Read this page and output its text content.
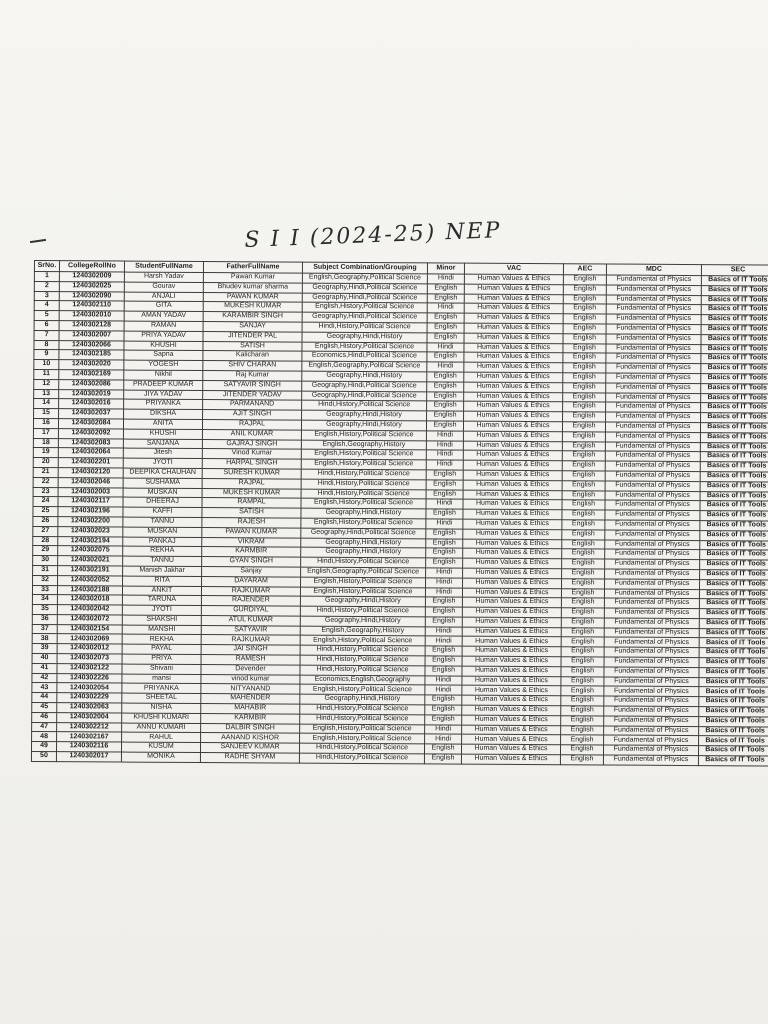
S I I (2024-25) NEP
SrNo.	CollegeRollNo	StudentFullName	FatherFullName	Subject Combination/Grouping	Minor	VAC	AEC	MDC	SEC
1	1240302009	Harsh Yadav	Pawan Kumar	English,Geography,Political Science	Hindi	Human Values & Ethics	English	Fundamental of Physics	Basics of IT Tools
2	1240302025	Gourav	Bhudev kumar sharma	Geography,Hindi,Political Science	English	Human Values & Ethics	English	Fundamental of Physics	Basics of IT Tools
3	1240302090	ANJALI	PAWAN KUMAR	Geography,Hindi,Political Science	English	Human Values & Ethics	English	Fundamental of Physics	Basics of IT Tools
4	1240302110	GITA	MUKESH KUMAR	English,History,Political Science	Hindi	Human Values & Ethics	English	Fundamental of Physics	Basics of IT Tools
5	1240302010	AMAN YADAV	KARAMBIR SINGH	Geography,Hindi,Political Science	English	Human Values & Ethics	English	Fundamental of Physics	Basics of IT Tools
6	1240302128	RAMAN	SANJAY	Hindi,History,Political Science	English	Human Values & Ethics	English	Fundamental of Physics	Basics of IT Tools
7	1240302007	PRIYA YADAV	JITENDER PAL	Geography,Hindi,History	English	Human Values & Ethics	English	Fundamental of Physics	Basics of IT Tools
8	1240302066	KHUSHI	SATISH	English,History,Political Science	Hindi	Human Values & Ethics	English	Fundamental of Physics	Basics of IT Tools
9	1240302185	Sapna	Kalicharan	Economics,Hindi,Political Science	English	Human Values & Ethics	English	Fundamental of Physics	Basics of IT Tools
10	1240302020	YOGESH	SHIV CHARAN	English,Geography,Political Science	Hindi	Human Values & Ethics	English	Fundamental of Physics	Basics of IT Tools
11	1240302169	Nikhil	Raj Kumar	Geography,Hindi,History	English	Human Values & Ethics	English	Fundamental of Physics	Basics of IT Tools
12	1240302086	PRADEEP KUMAR	SATYAVIR SINGH	Geography,Hindi,Political Science	English	Human Values & Ethics	English	Fundamental of Physics	Basics of IT Tools
13	1240302019	JIYA YADAV	JITENDER YADAV	Geography,Hindi,Political Science	English	Human Values & Ethics	English	Fundamental of Physics	Basics of IT Tools
14	1240302016	PRIYANKA	PARMANAND	Hindi,History,Political Science	English	Human Values & Ethics	English	Fundamental of Physics	Basics of IT Tools
15	1240302037	DIKSHA	AJIT SINGH	Geography,Hindi,History	English	Human Values & Ethics	English	Fundamental of Physics	Basics of IT Tools
16	1240302084	ANITA	RAJPAL	Geography,Hindi,History	English	Human Values & Ethics	English	Fundamental of Physics	Basics of IT Tools
17	1240302092	KHUSHI	ANIL KUMAR	English,History,Political Science	Hindi	Human Values & Ethics	English	Fundamental of Physics	Basics of IT Tools
18	1240302083	SANJANA	GAJRAJ SINGH	English,Geography,History	Hindi	Human Values & Ethics	English	Fundamental of Physics	Basics of IT Tools
19	1240302064	Jitesh	Vinod Kumar	English,History,Political Science	Hindi	Human Values & Ethics	English	Fundamental of Physics	Basics of IT Tools
20	1240302201	JYOTI	HARPAL SINGH	English,History,Political Science	Hindi	Human Values & Ethics	English	Fundamental of Physics	Basics of IT Tools
21	1240302120	DEEPIKA CHAUHAN	SURESH KUMAR	Hindi,History,Political Science	English	Human Values & Ethics	English	Fundamental of Physics	Basics of IT Tools
22	1240302046	SUSHAMA	RAJPAL	Hindi,History,Political Science	English	Human Values & Ethics	English	Fundamental of Physics	Basics of IT Tools
23	1240302003	MUSKAN	MUKESH KUMAR	Hindi,History,Political Science	English	Human Values & Ethics	English	Fundamental of Physics	Basics of IT Tools
24	1240302117	DHEERAJ	RAMPAL	English,History,Political Science	Hindi	Human Values & Ethics	English	Fundamental of Physics	Basics of IT Tools
25	1240302196	KAFFI	SATISH	Geography,Hindi,History	English	Human Values & Ethics	English	Fundamental of Physics	Basics of IT Tools
26	1240302200	TANNU	RAJESH	English,History,Political Science	Hindi	Human Values & Ethics	English	Fundamental of Physics	Basics of IT Tools
27	1240302023	MUSKAN	PAWAN KUMAR	Geography,Hindi,Political Science	English	Human Values & Ethics	English	Fundamental of Physics	Basics of IT Tools
28	1240302194	PANKAJ	VIKRAM	Geography,Hindi,History	English	Human Values & Ethics	English	Fundamental of Physics	Basics of IT Tools
29	1240302075	REKHA	KARMBIR	Geography,Hindi,History	English	Human Values & Ethics	English	Fundamental of Physics	Basics of IT Tools
30	1240302021	TANNU	GYAN SINGH	Hindi,History,Political Science	English	Human Values & Ethics	English	Fundamental of Physics	Basics of IT Tools
31	1240302191	Manish Jakhar	Sanjay	English,Geography,Political Science	Hindi	Human Values & Ethics	English	Fundamental of Physics	Basics of IT Tools
32	1240302052	RITA	DAYARAM	English,History,Political Science	Hindi	Human Values & Ethics	English	Fundamental of Physics	Basics of IT Tools
33	1240302188	ANKIT	RAJKUMAR	English,History,Political Science	Hindi	Human Values & Ethics	English	Fundamental of Physics	Basics of IT Tools
34	1240302018	TARUNA	RAJENDER	Geography,Hindi,History	English	Human Values & Ethics	English	Fundamental of Physics	Basics of IT Tools
35	1240302042	JYOTI	GURDIYAL	Hindi,History,Political Science	English	Human Values & Ethics	English	Fundamental of Physics	Basics of IT Tools
36	1240302072	SHAKSHI	ATUL KUMAR	Geography,Hindi,History	English	Human Values & Ethics	English	Fundamental of Physics	Basics of IT Tools
37	1240302154	MANSHI	SATYAVIR	English,Geography,History	Hindi	Human Values & Ethics	English	Fundamental of Physics	Basics of IT Tools
38	1240302069	REKHA	RAJKUMAR	English,History,Political Science	Hindi	Human Values & Ethics	English	Fundamental of Physics	Basics of IT Tools
39	1240302012	PAYAL	JAI SINGH	Hindi,History,Political Science	English	Human Values & Ethics	English	Fundamental of Physics	Basics of IT Tools
40	1240302073	PRIYA	RAMESH	Hindi,History,Political Science	English	Human Values & Ethics	English	Fundamental of Physics	Basics of IT Tools
41	1240302122	Shivani	Devender	Hindi,History,Political Science	English	Human Values & Ethics	English	Fundamental of Physics	Basics of IT Tools
42	1240302226	mansi	vinod kumar	Economics,English,Geography	Hindi	Human Values & Ethics	English	Fundamental of Physics	Basics of IT Tools
43	1240302054	PRIYANKA	NITYANAND	English,History,Political Science	Hindi	Human Values & Ethics	English	Fundamental of Physics	Basics of IT Tools
44	1240302229	SHEETAL	MAHENDER	Geography,Hindi,History	English	Human Values & Ethics	English	Fundamental of Physics	Basics of IT Tools
45	1240302063	NISHA	MAHABIR	Hindi,History,Political Science	English	Human Values & Ethics	English	Fundamental of Physics	Basics of IT Tools
46	1240302004	KHUSHI KUMARI	KARMBIR	Hindi,History,Political Science	English	Human Values & Ethics	English	Fundamental of Physics	Basics of IT Tools
47	1240302212	ANNU KUMARI	DALBIR SINGH	English,History,Political Science	Hindi	Human Values & Ethics	English	Fundamental of Physics	Basics of IT Tools
48	1240302167	RAHUL	AANAND KISHOR	English,History,Political Science	Hindi	Human Values & Ethics	English	Fundamental of Physics	Basics of IT Tools
49	1240302116	KUSUM	SANJEEV KUMAR	Hindi,History,Political Science	English	Human Values & Ethics	English	Fundamental of Physics	Basics of IT Tools
50	1240302017	MONIKA	RADHE SHYAM	Hindi,History,Political Science	English	Human Values & Ethics	English	Fundamental of Physics	Basics of IT Tools
